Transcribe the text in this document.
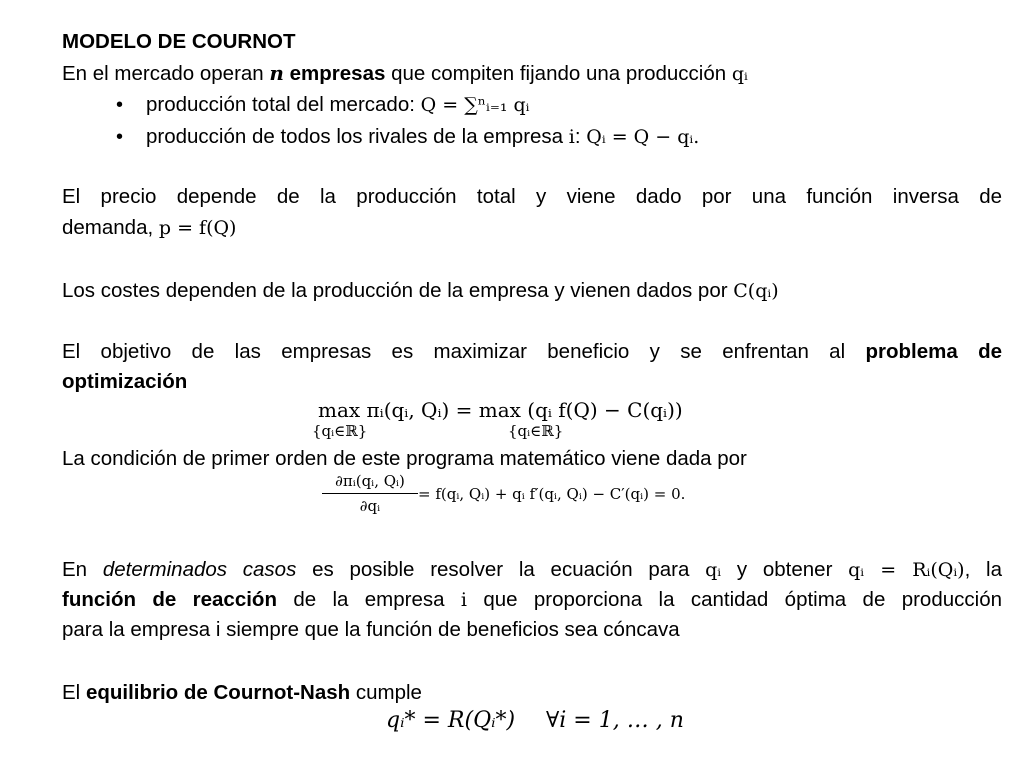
MODELO DE COURNOT
En el mercado operan n empresas que compiten fijando una producción qᵢ
• producción total del mercado: Q = ∑ⁿᵢ₌₁ qᵢ
• producción de todos los rivales de la empresa i: Qᵢ = Q − qᵢ.
El precio depende de la producción total y viene dado por una función inversa de
demanda, p = f(Q)
Los costes dependen de la producción de la empresa y vienen dados por C(qᵢ)
El objetivo de las empresas es maximizar beneficio y se enfrentan al problema de
optimización
max πᵢ(qᵢ, Qᵢ) = max (qᵢ f(Q) − C(qᵢ))
{qᵢ∈ℝ}	{qᵢ∈ℝ}
La condición de primer orden de este programa matemático viene dada por
∂πᵢ(qᵢ, Qᵢ)
∂qᵢ
= f(qᵢ, Qᵢ) + qᵢ f′(qᵢ, Qᵢ) − C′(qᵢ) = 0.
En determinados casos es posible resolver la ecuación para qᵢ y obtener qᵢ = Rᵢ(Qᵢ), la
función de reacción de la empresa i que proporciona la cantidad óptima de producción
para la empresa i siempre que la función de beneficios sea cóncava
El equilibrio de Cournot-Nash cumple
qᵢ* = R(Qᵢ*) ∀i = 1, … , n
